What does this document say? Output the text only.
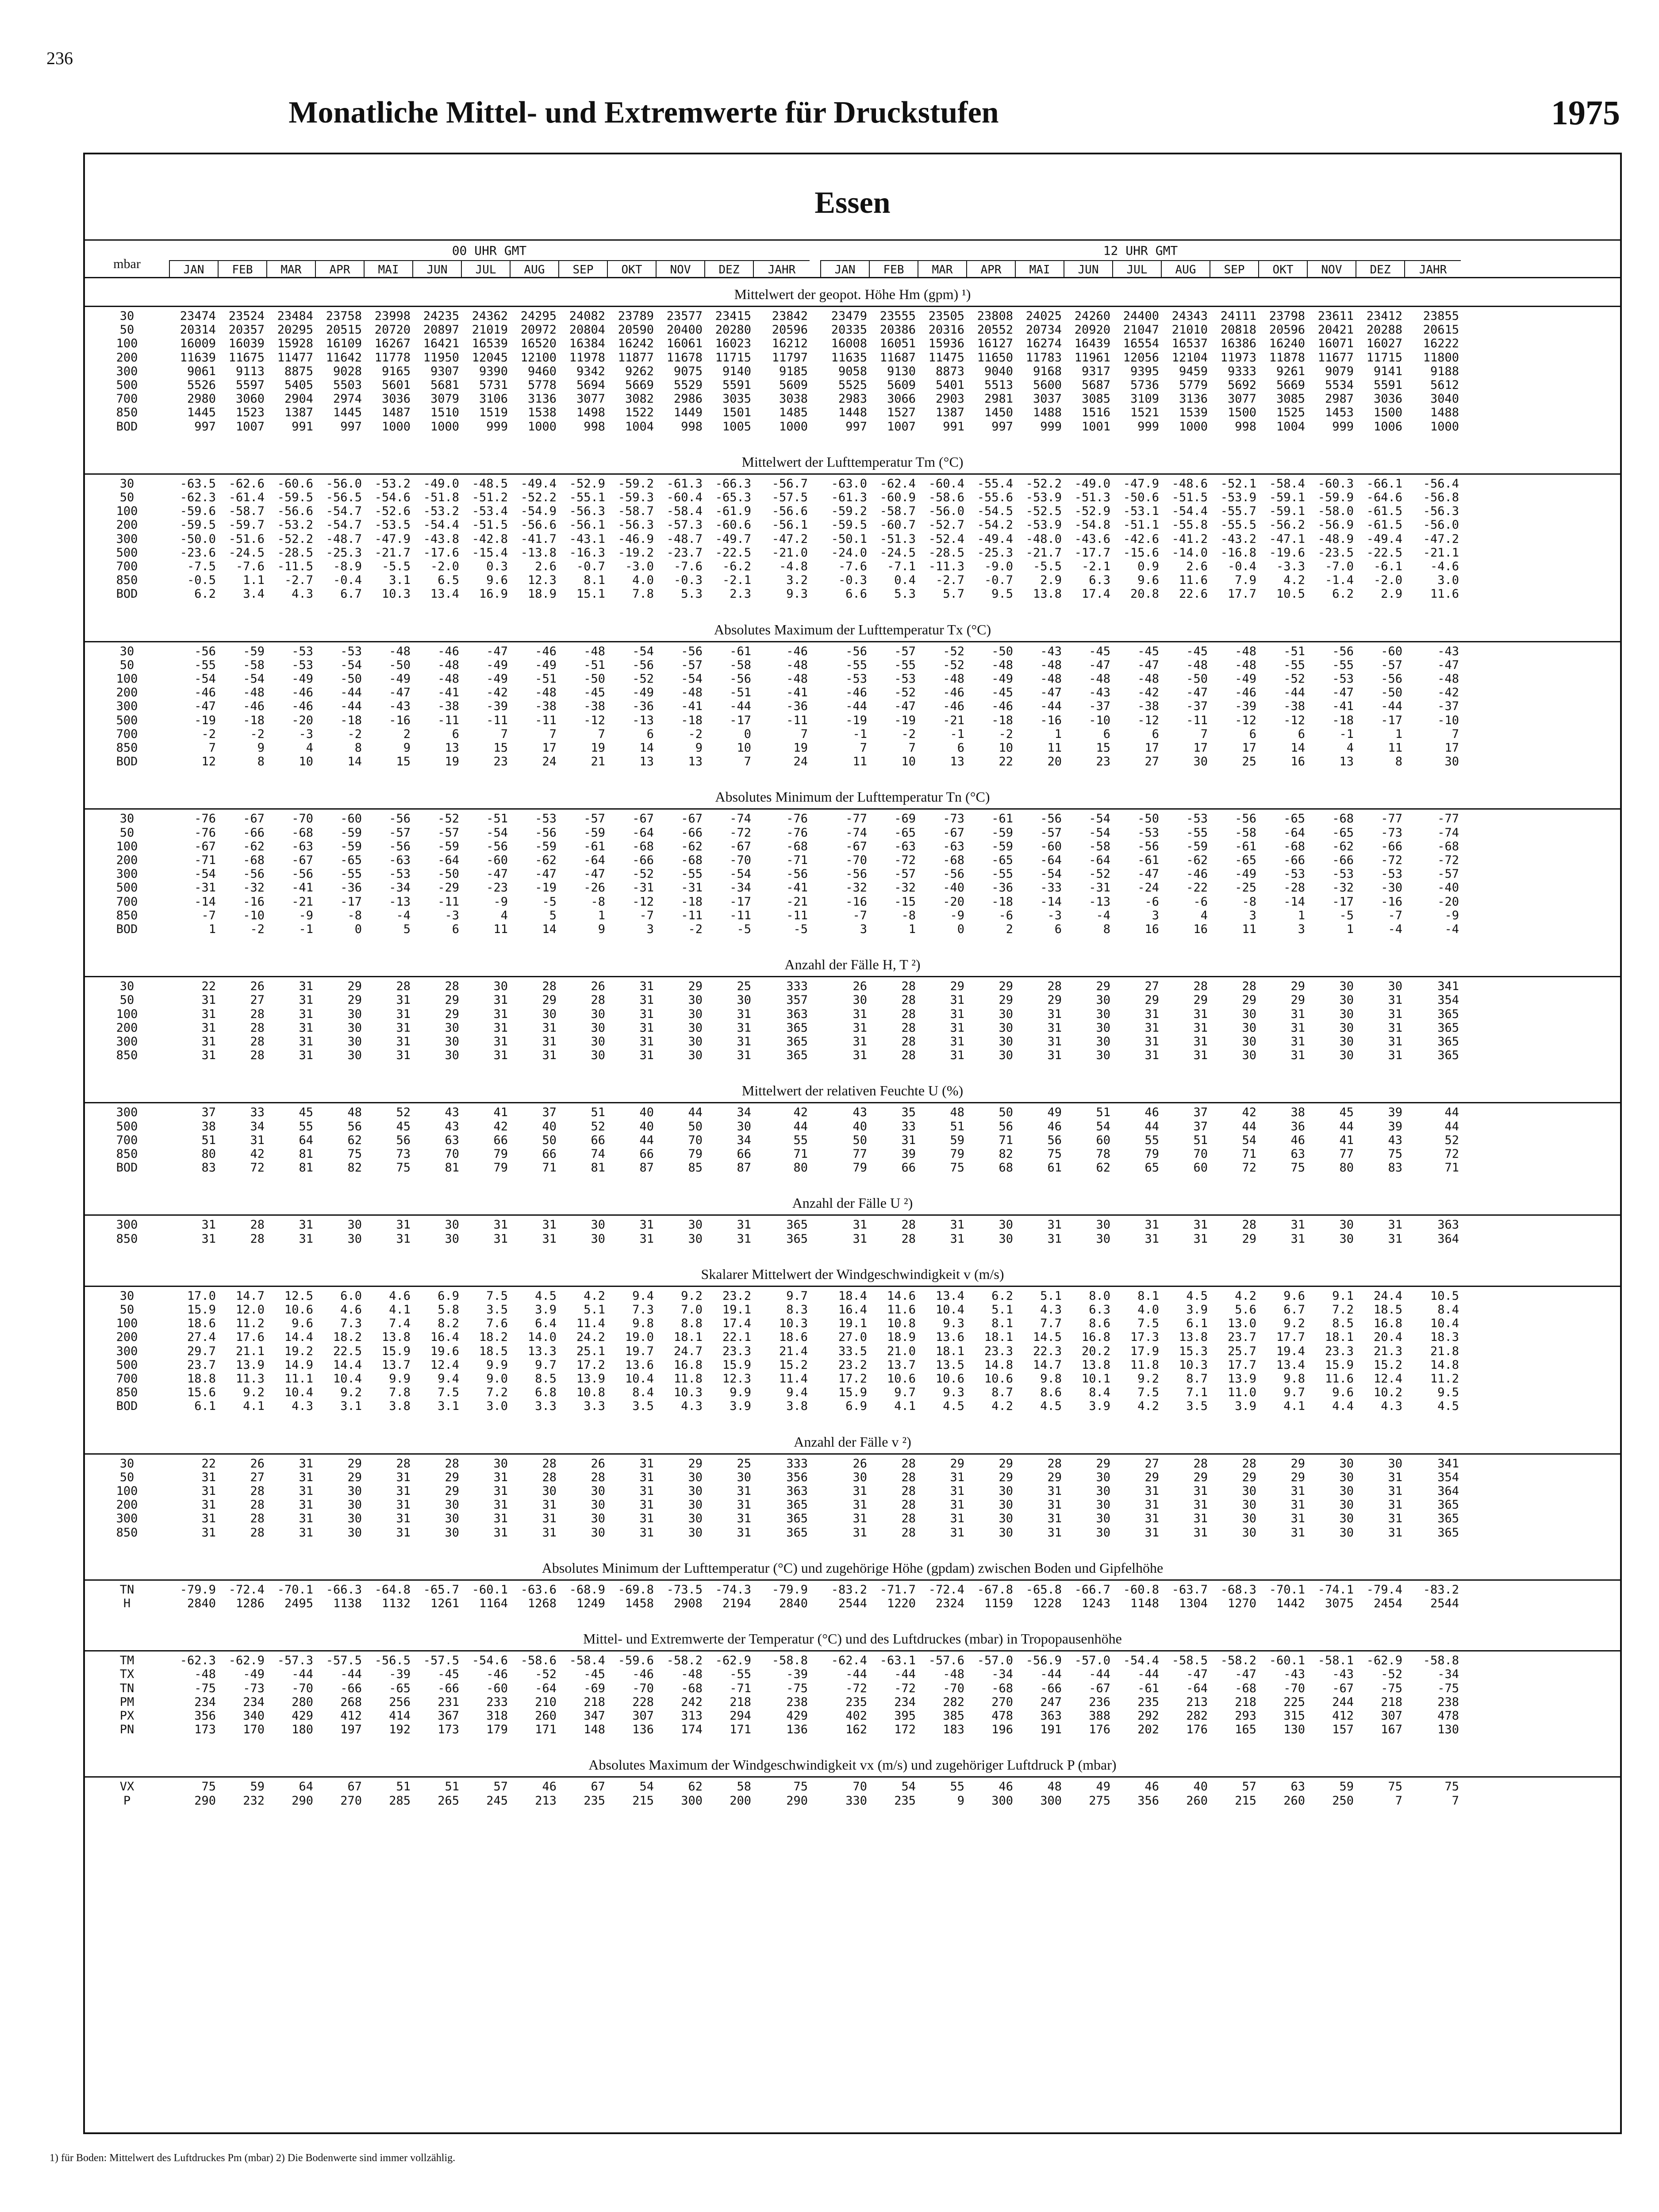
236
Monatliche Mittel- und Extremwerte für Druckstufen	1975
Essen
mbar
00 UHR GMT	12 UHR GMT
JAN	FEB	MAR	APR	MAI	JUN	JUL	AUG	SEP	OKT	NOV	DEZ	JAHR	JAN	FEB	MAR	APR	MAI	JUN	JUL	AUG	SEP	OKT	NOV	DEZ	JAHR
Mittelwert der geopot. Höhe Hm (gpm) ¹)
30	23474	23524	23484	23758	23998	24235	24362	24295	24082	23789	23577	23415	23842	23479	23555	23505	23808	24025	24260	24400	24343	24111	23798	23611	23412	23855
50	20314	20357	20295	20515	20720	20897	21019	20972	20804	20590	20400	20280	20596	20335	20386	20316	20552	20734	20920	21047	21010	20818	20596	20421	20288	20615
100	16009	16039	15928	16109	16267	16421	16539	16520	16384	16242	16061	16023	16212	16008	16051	15936	16127	16274	16439	16554	16537	16386	16240	16071	16027	16222
200	11639	11675	11477	11642	11778	11950	12045	12100	11978	11877	11678	11715	11797	11635	11687	11475	11650	11783	11961	12056	12104	11973	11878	11677	11715	11800
300	9061	9113	8875	9028	9165	9307	9390	9460	9342	9262	9075	9140	9185	9058	9130	8873	9040	9168	9317	9395	9459	9333	9261	9079	9141	9188
500	5526	5597	5405	5503	5601	5681	5731	5778	5694	5669	5529	5591	5609	5525	5609	5401	5513	5600	5687	5736	5779	5692	5669	5534	5591	5612
700	2980	3060	2904	2974	3036	3079	3106	3136	3077	3082	2986	3035	3038	2983	3066	2903	2981	3037	3085	3109	3136	3077	3085	2987	3036	3040
850	1445	1523	1387	1445	1487	1510	1519	1538	1498	1522	1449	1501	1485	1448	1527	1387	1450	1488	1516	1521	1539	1500	1525	1453	1500	1488
BOD	997	1007	991	997	1000	1000	999	1000	998	1004	998	1005	1000	997	1007	991	997	999	1001	999	1000	998	1004	999	1006	1000
Mittelwert der Lufttemperatur Tm (°C)
30	-63.5	-62.6	-60.6	-56.0	-53.2	-49.0	-48.5	-49.4	-52.9	-59.2	-61.3	-66.3	-56.7	-63.0	-62.4	-60.4	-55.4	-52.2	-49.0	-47.9	-48.6	-52.1	-58.4	-60.3	-66.1	-56.4
50	-62.3	-61.4	-59.5	-56.5	-54.6	-51.8	-51.2	-52.2	-55.1	-59.3	-60.4	-65.3	-57.5	-61.3	-60.9	-58.6	-55.6	-53.9	-51.3	-50.6	-51.5	-53.9	-59.1	-59.9	-64.6	-56.8
100	-59.6	-58.7	-56.6	-54.7	-52.6	-53.2	-53.4	-54.9	-56.3	-58.7	-58.4	-61.9	-56.6	-59.2	-58.7	-56.0	-54.5	-52.5	-52.9	-53.1	-54.4	-55.7	-59.1	-58.0	-61.5	-56.3
200	-59.5	-59.7	-53.2	-54.7	-53.5	-54.4	-51.5	-56.6	-56.1	-56.3	-57.3	-60.6	-56.1	-59.5	-60.7	-52.7	-54.2	-53.9	-54.8	-51.1	-55.8	-55.5	-56.2	-56.9	-61.5	-56.0
300	-50.0	-51.6	-52.2	-48.7	-47.9	-43.8	-42.8	-41.7	-43.1	-46.9	-48.7	-49.7	-47.2	-50.1	-51.3	-52.4	-49.4	-48.0	-43.6	-42.6	-41.2	-43.2	-47.1	-48.9	-49.4	-47.2
500	-23.6	-24.5	-28.5	-25.3	-21.7	-17.6	-15.4	-13.8	-16.3	-19.2	-23.7	-22.5	-21.0	-24.0	-24.5	-28.5	-25.3	-21.7	-17.7	-15.6	-14.0	-16.8	-19.6	-23.5	-22.5	-21.1
700	-7.5	-7.6	-11.5	-8.9	-5.5	-2.0	0.3	2.6	-0.7	-3.0	-7.6	-6.2	-4.8	-7.6	-7.1	-11.3	-9.0	-5.5	-2.1	0.9	2.6	-0.4	-3.3	-7.0	-6.1	-4.6
850	-0.5	1.1	-2.7	-0.4	3.1	6.5	9.6	12.3	8.1	4.0	-0.3	-2.1	3.2	-0.3	0.4	-2.7	-0.7	2.9	6.3	9.6	11.6	7.9	4.2	-1.4	-2.0	3.0
BOD	6.2	3.4	4.3	6.7	10.3	13.4	16.9	18.9	15.1	7.8	5.3	2.3	9.3	6.6	5.3	5.7	9.5	13.8	17.4	20.8	22.6	17.7	10.5	6.2	2.9	11.6
Absolutes Maximum der Lufttemperatur Tx (°C)
30	-56	-59	-53	-53	-48	-46	-47	-46	-48	-54	-56	-61	-46	-56	-57	-52	-50	-43	-45	-45	-45	-48	-51	-56	-60	-43
50	-55	-58	-53	-54	-50	-48	-49	-49	-51	-56	-57	-58	-48	-55	-55	-52	-48	-48	-47	-47	-48	-48	-55	-55	-57	-47
100	-54	-54	-49	-50	-49	-48	-49	-51	-50	-52	-54	-56	-48	-53	-53	-48	-49	-48	-48	-48	-50	-49	-52	-53	-56	-48
200	-46	-48	-46	-44	-47	-41	-42	-48	-45	-49	-48	-51	-41	-46	-52	-46	-45	-47	-43	-42	-47	-46	-44	-47	-50	-42
300	-47	-46	-46	-44	-43	-38	-39	-38	-38	-36	-41	-44	-36	-44	-47	-46	-46	-44	-37	-38	-37	-39	-38	-41	-44	-37
500	-19	-18	-20	-18	-16	-11	-11	-11	-12	-13	-18	-17	-11	-19	-19	-21	-18	-16	-10	-12	-11	-12	-12	-18	-17	-10
700	-2	-2	-3	-2	2	6	7	7	7	6	-2	0	7	-1	-2	-1	-2	1	6	6	7	6	6	-1	1	7
850	7	9	4	8	9	13	15	17	19	14	9	10	19	7	7	6	10	11	15	17	17	17	14	4	11	17
BOD	12	8	10	14	15	19	23	24	21	13	13	7	24	11	10	13	22	20	23	27	30	25	16	13	8	30
Absolutes Minimum der Lufttemperatur Tn (°C)
30	-76	-67	-70	-60	-56	-52	-51	-53	-57	-67	-67	-74	-76	-77	-69	-73	-61	-56	-54	-50	-53	-56	-65	-68	-77	-77
50	-76	-66	-68	-59	-57	-57	-54	-56	-59	-64	-66	-72	-76	-74	-65	-67	-59	-57	-54	-53	-55	-58	-64	-65	-73	-74
100	-67	-62	-63	-59	-56	-59	-56	-59	-61	-68	-62	-67	-68	-67	-63	-63	-59	-60	-58	-56	-59	-61	-68	-62	-66	-68
200	-71	-68	-67	-65	-63	-64	-60	-62	-64	-66	-68	-70	-71	-70	-72	-68	-65	-64	-64	-61	-62	-65	-66	-66	-72	-72
300	-54	-56	-56	-55	-53	-50	-47	-47	-47	-52	-55	-54	-56	-56	-57	-56	-55	-54	-52	-47	-46	-49	-53	-53	-53	-57
500	-31	-32	-41	-36	-34	-29	-23	-19	-26	-31	-31	-34	-41	-32	-32	-40	-36	-33	-31	-24	-22	-25	-28	-32	-30	-40
700	-14	-16	-21	-17	-13	-11	-9	-5	-8	-12	-18	-17	-21	-16	-15	-20	-18	-14	-13	-6	-6	-8	-14	-17	-16	-20
850	-7	-10	-9	-8	-4	-3	4	5	1	-7	-11	-11	-11	-7	-8	-9	-6	-3	-4	3	4	3	1	-5	-7	-9
BOD	1	-2	-1	0	5	6	11	14	9	3	-2	-5	-5	3	1	0	2	6	8	16	16	11	3	1	-4	-4
Anzahl der Fälle H, T ²)
30	22	26	31	29	28	28	30	28	26	31	29	25	333	26	28	29	29	28	29	27	28	28	29	30	30	341
50	31	27	31	29	31	29	31	29	28	31	30	30	357	30	28	31	29	29	30	29	29	29	29	30	31	354
100	31	28	31	30	31	29	31	30	30	31	30	31	363	31	28	31	30	31	30	31	31	30	31	30	31	365
200	31	28	31	30	31	30	31	31	30	31	30	31	365	31	28	31	30	31	30	31	31	30	31	30	31	365
300	31	28	31	30	31	30	31	31	30	31	30	31	365	31	28	31	30	31	30	31	31	30	31	30	31	365
850	31	28	31	30	31	30	31	31	30	31	30	31	365	31	28	31	30	31	30	31	31	30	31	30	31	365
Mittelwert der relativen Feuchte U (%)
300	37	33	45	48	52	43	41	37	51	40	44	34	42	43	35	48	50	49	51	46	37	42	38	45	39	44
500	38	34	55	56	45	43	42	40	52	40	50	30	44	40	33	51	56	46	54	44	37	44	36	44	39	44
700	51	31	64	62	56	63	66	50	66	44	70	34	55	50	31	59	71	56	60	55	51	54	46	41	43	52
850	80	42	81	75	73	70	79	66	74	66	79	66	71	77	39	79	82	75	78	79	70	71	63	77	75	72
BOD	83	72	81	82	75	81	79	71	81	87	85	87	80	79	66	75	68	61	62	65	60	72	75	80	83	71
Anzahl der Fälle U ²)
300	31	28	31	30	31	30	31	31	30	31	30	31	365	31	28	31	30	31	30	31	31	28	31	30	31	363
850	31	28	31	30	31	30	31	31	30	31	30	31	365	31	28	31	30	31	30	31	31	29	31	30	31	364
Skalarer Mittelwert der Windgeschwindigkeit v (m/s)
30	17.0	14.7	12.5	6.0	4.6	6.9	7.5	4.5	4.2	9.4	9.2	23.2	9.7	18.4	14.6	13.4	6.2	5.1	8.0	8.1	4.5	4.2	9.6	9.1	24.4	10.5
50	15.9	12.0	10.6	4.6	4.1	5.8	3.5	3.9	5.1	7.3	7.0	19.1	8.3	16.4	11.6	10.4	5.1	4.3	6.3	4.0	3.9	5.6	6.7	7.2	18.5	8.4
100	18.6	11.2	9.6	7.3	7.4	8.2	7.6	6.4	11.4	9.8	8.8	17.4	10.3	19.1	10.8	9.3	8.1	7.7	8.6	7.5	6.1	13.0	9.2	8.5	16.8	10.4
200	27.4	17.6	14.4	18.2	13.8	16.4	18.2	14.0	24.2	19.0	18.1	22.1	18.6	27.0	18.9	13.6	18.1	14.5	16.8	17.3	13.8	23.7	17.7	18.1	20.4	18.3
300	29.7	21.1	19.2	22.5	15.9	19.6	18.5	13.3	25.1	19.7	24.7	23.3	21.4	33.5	21.0	18.1	23.3	22.3	20.2	17.9	15.3	25.7	19.4	23.3	21.3	21.8
500	23.7	13.9	14.9	14.4	13.7	12.4	9.9	9.7	17.2	13.6	16.8	15.9	15.2	23.2	13.7	13.5	14.8	14.7	13.8	11.8	10.3	17.7	13.4	15.9	15.2	14.8
700	18.8	11.3	11.1	10.4	9.9	9.4	9.0	8.5	13.9	10.4	11.8	12.3	11.4	17.2	10.6	10.6	10.6	9.8	10.1	9.2	8.7	13.9	9.8	11.6	12.4	11.2
850	15.6	9.2	10.4	9.2	7.8	7.5	7.2	6.8	10.8	8.4	10.3	9.9	9.4	15.9	9.7	9.3	8.7	8.6	8.4	7.5	7.1	11.0	9.7	9.6	10.2	9.5
BOD	6.1	4.1	4.3	3.1	3.8	3.1	3.0	3.3	3.3	3.5	4.3	3.9	3.8	6.9	4.1	4.5	4.2	4.5	3.9	4.2	3.5	3.9	4.1	4.4	4.3	4.5
Anzahl der Fälle v ²)
30	22	26	31	29	28	28	30	28	26	31	29	25	333	26	28	29	29	28	29	27	28	28	29	30	30	341
50	31	27	31	29	31	29	31	28	28	31	30	30	356	30	28	31	29	29	30	29	29	29	29	30	31	354
100	31	28	31	30	31	29	31	30	30	31	30	31	363	31	28	31	30	31	30	31	31	30	31	30	31	364
200	31	28	31	30	31	30	31	31	30	31	30	31	365	31	28	31	30	31	30	31	31	30	31	30	31	365
300	31	28	31	30	31	30	31	31	30	31	30	31	365	31	28	31	30	31	30	31	31	30	31	30	31	365
850	31	28	31	30	31	30	31	31	30	31	30	31	365	31	28	31	30	31	30	31	31	30	31	30	31	365
Absolutes Minimum der Lufttemperatur (°C) und zugehörige Höhe (gpdam) zwischen Boden und Gipfelhöhe
TN	-79.9	-72.4	-70.1	-66.3	-64.8	-65.7	-60.1	-63.6	-68.9	-69.8	-73.5	-74.3	-79.9	-83.2	-71.7	-72.4	-67.8	-65.8	-66.7	-60.8	-63.7	-68.3	-70.1	-74.1	-79.4	-83.2
H	2840	1286	2495	1138	1132	1261	1164	1268	1249	1458	2908	2194	2840	2544	1220	2324	1159	1228	1243	1148	1304	1270	1442	3075	2454	2544
Mittel- und Extremwerte der Temperatur (°C) und des Luftdruckes (mbar) in Tropopausenhöhe
TM	-62.3	-62.9	-57.3	-57.5	-56.5	-57.5	-54.6	-58.6	-58.4	-59.6	-58.2	-62.9	-58.8	-62.4	-63.1	-57.6	-57.0	-56.9	-57.0	-54.4	-58.5	-58.2	-60.1	-58.1	-62.9	-58.8
TX	-48	-49	-44	-44	-39	-45	-46	-52	-45	-46	-48	-55	-39	-44	-44	-48	-34	-44	-44	-44	-47	-47	-43	-43	-52	-34
TN	-75	-73	-70	-66	-65	-66	-60	-64	-69	-70	-68	-71	-75	-72	-72	-70	-68	-66	-67	-61	-64	-68	-70	-67	-75	-75
PM	234	234	280	268	256	231	233	210	218	228	242	218	238	235	234	282	270	247	236	235	213	218	225	244	218	238
PX	356	340	429	412	414	367	318	260	347	307	313	294	429	402	395	385	478	363	388	292	282	293	315	412	307	478
PN	173	170	180	197	192	173	179	171	148	136	174	171	136	162	172	183	196	191	176	202	176	165	130	157	167	130
Absolutes Maximum der Windgeschwindigkeit vx (m/s) und zugehöriger Luftdruck P (mbar)
VX	75	59	64	67	51	51	57	46	67	54	62	58	75	70	54	55	46	48	49	46	40	57	63	59	75	75
P	290	232	290	270	285	265	245	213	235	215	300	200	290	330	235	9	300	300	275	356	260	215	260	250	7	7
1) für Boden: Mittelwert des Luftdruckes Pm (mbar) 2) Die Bodenwerte sind immer vollzählig.
